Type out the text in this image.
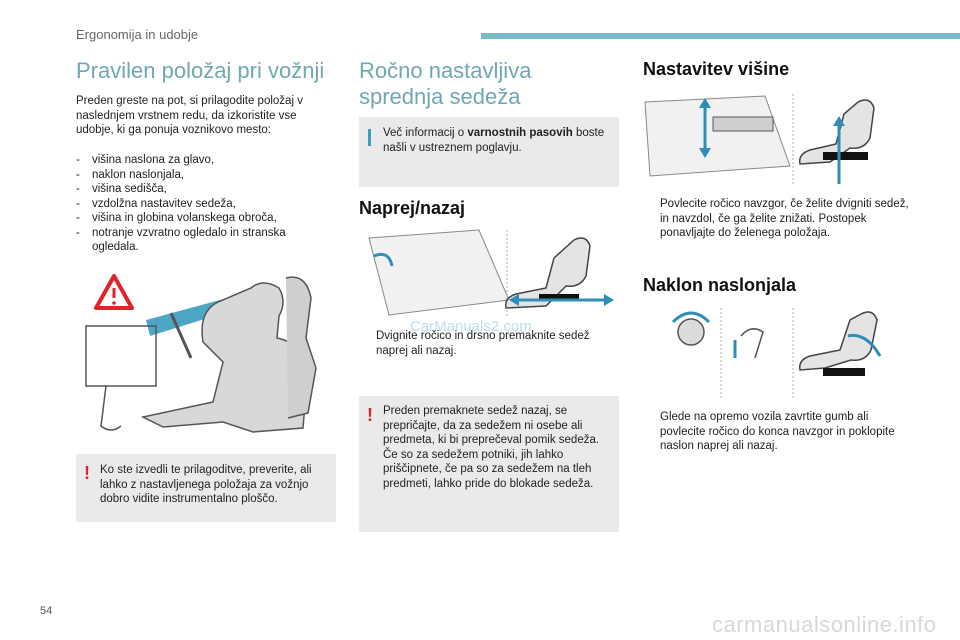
Ergonomija in udobje
Pravilen položaj pri vožnji
Preden greste na pot, si prilagodite položaj v naslednjem vrstnem redu, da izkoristite vse udobje, ki ga ponuja voznikovo mesto:
- višina naslona za glavo,
- naklon naslonjala,
- višina sedišča,
- vzdolžna nastavitev sedeža,
- višina in globina volanskega obroča,
- notranje vzvratno ogledalo in stranska ogledala.
! Ko ste izvedli te prilagoditve, preverite, ali lahko z nastavljenega položaja za vožnjo dobro vidite instrumentalno ploščo.
Ročno nastavljiva
sprednja sedeža
Več informacij o varnostnih pasovih boste našli v ustreznem poglavju.
Naprej/nazaj
Dvignite ročico in drsno premaknite sedež naprej ali nazaj.
CarManuals2.com
! Preden premaknete sedež nazaj, se prepričajte, da za sedežem ni osebe ali predmeta, ki bi preprečeval pomik sedeža. Če so za sedežem potniki, jih lahko priščipnete, če pa so za sedežem na tleh predmeti, lahko pride do blokade sedeža.
Nastavitev višine
Povlecite ročico navzgor, če želite dvigniti sedež, in navzdol, če ga želite znižati. Postopek ponavljajte do želenega položaja.
Naklon naslonjala
Glede na opremo vozila zavrtite gumb ali povlecite ročico do konca navzgor in poklopite naslon naprej ali nazaj.
54
carmanualsonline.info
